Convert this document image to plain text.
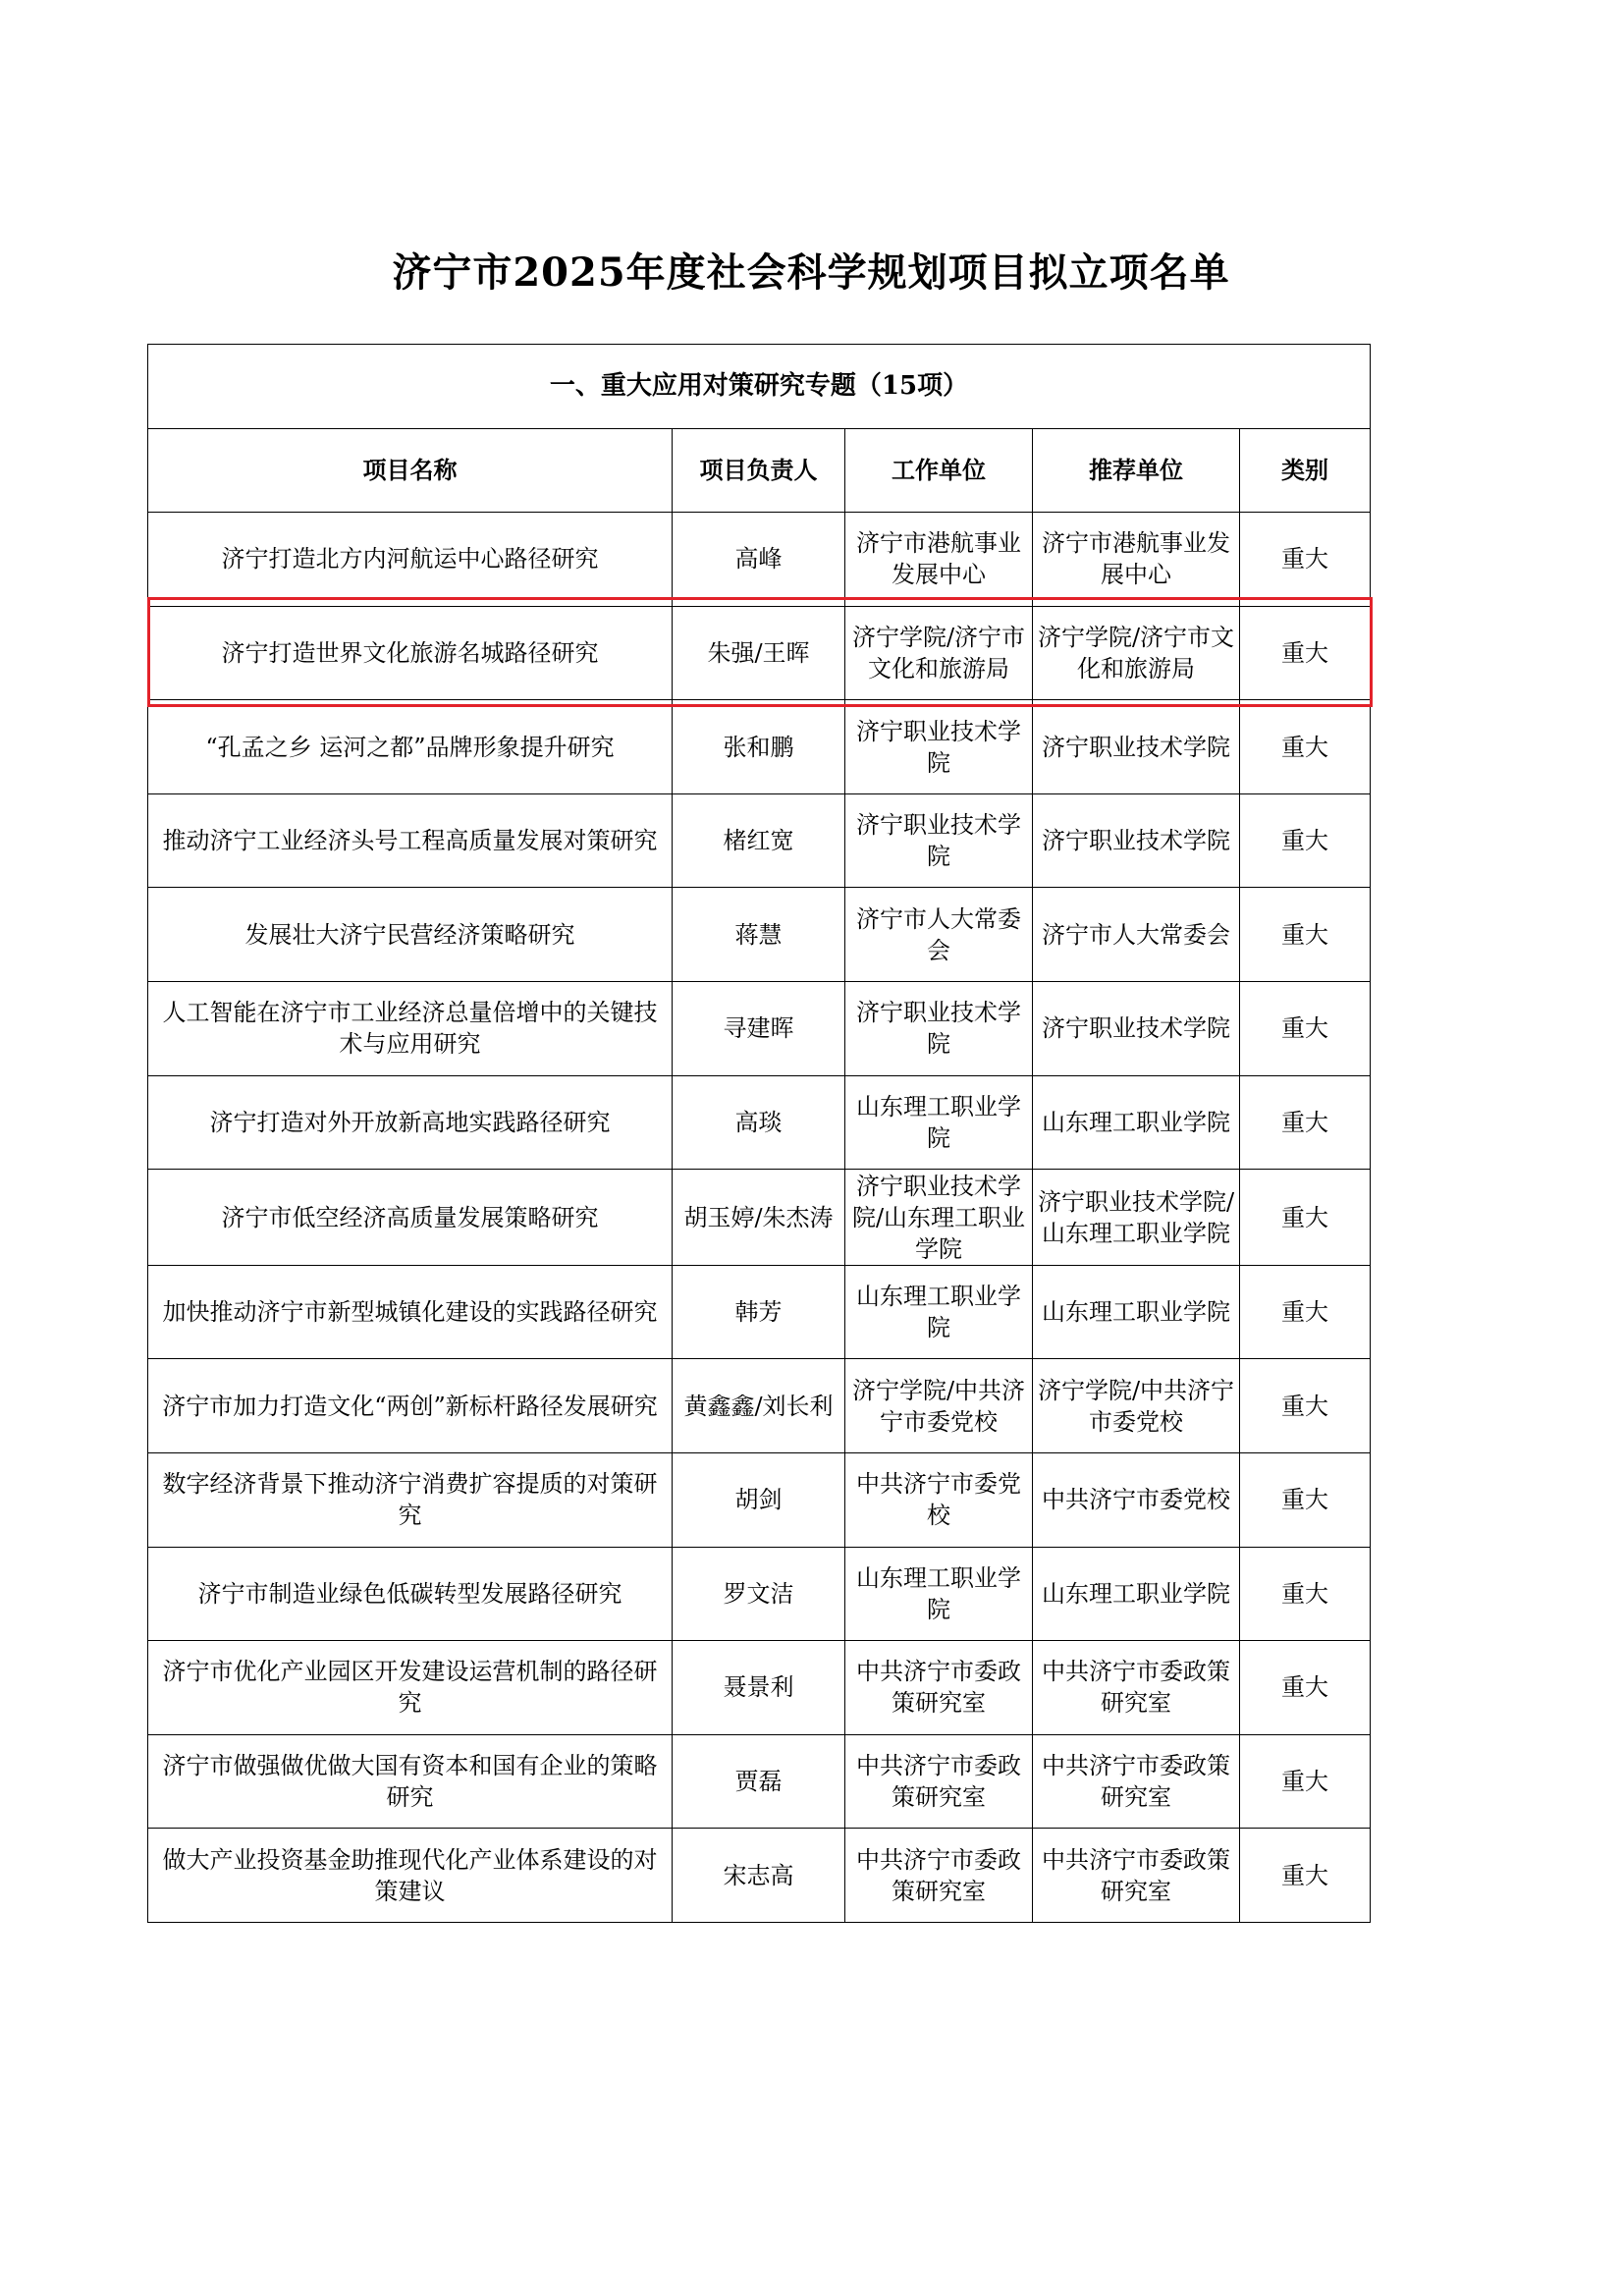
济宁市2025年度社会科学规划项目拟立项名单
一、重大应用对策研究专题（15项）				
项目名称	项目负责人	工作单位	推荐单位	类别
济宁打造北方内河航运中心路径研究	高峰	济宁市港航事业发展中心	济宁市港航事业发展中心	重大
济宁打造世界文化旅游名城路径研究	朱强/王晖	济宁学院/济宁市文化和旅游局	济宁学院/济宁市文化和旅游局	重大
“孔孟之乡 运河之都”品牌形象提升研究	张和鹏	济宁职业技术学院	济宁职业技术学院	重大
推动济宁工业经济头号工程高质量发展对策研究	楮红宽	济宁职业技术学院	济宁职业技术学院	重大
发展壮大济宁民营经济策略研究	蒋慧	济宁市人大常委会	济宁市人大常委会	重大
人工智能在济宁市工业经济总量倍增中的关键技术与应用研究	寻建晖	济宁职业技术学院	济宁职业技术学院	重大
济宁打造对外开放新高地实践路径研究	高琰	山东理工职业学院	山东理工职业学院	重大
济宁市低空经济高质量发展策略研究	胡玉婷/朱杰涛	济宁职业技术学院/山东理工职业学院	济宁职业技术学院/山东理工职业学院	重大
加快推动济宁市新型城镇化建设的实践路径研究	韩芳	山东理工职业学院	山东理工职业学院	重大
济宁市加力打造文化“两创”新标杆路径发展研究	黄鑫鑫/刘长利	济宁学院/中共济宁市委党校	济宁学院/中共济宁市委党校	重大
数字经济背景下推动济宁消费扩容提质的对策研究	胡剑	中共济宁市委党校	中共济宁市委党校	重大
济宁市制造业绿色低碳转型发展路径研究	罗文洁	山东理工职业学院	山东理工职业学院	重大
济宁市优化产业园区开发建设运营机制的路径研究	聂景利	中共济宁市委政策研究室	中共济宁市委政策研究室	重大
济宁市做强做优做大国有资本和国有企业的策略研究	贾磊	中共济宁市委政策研究室	中共济宁市委政策研究室	重大
做大产业投资基金助推现代化产业体系建设的对策建议	宋志高	中共济宁市委政策研究室	中共济宁市委政策研究室	重大
